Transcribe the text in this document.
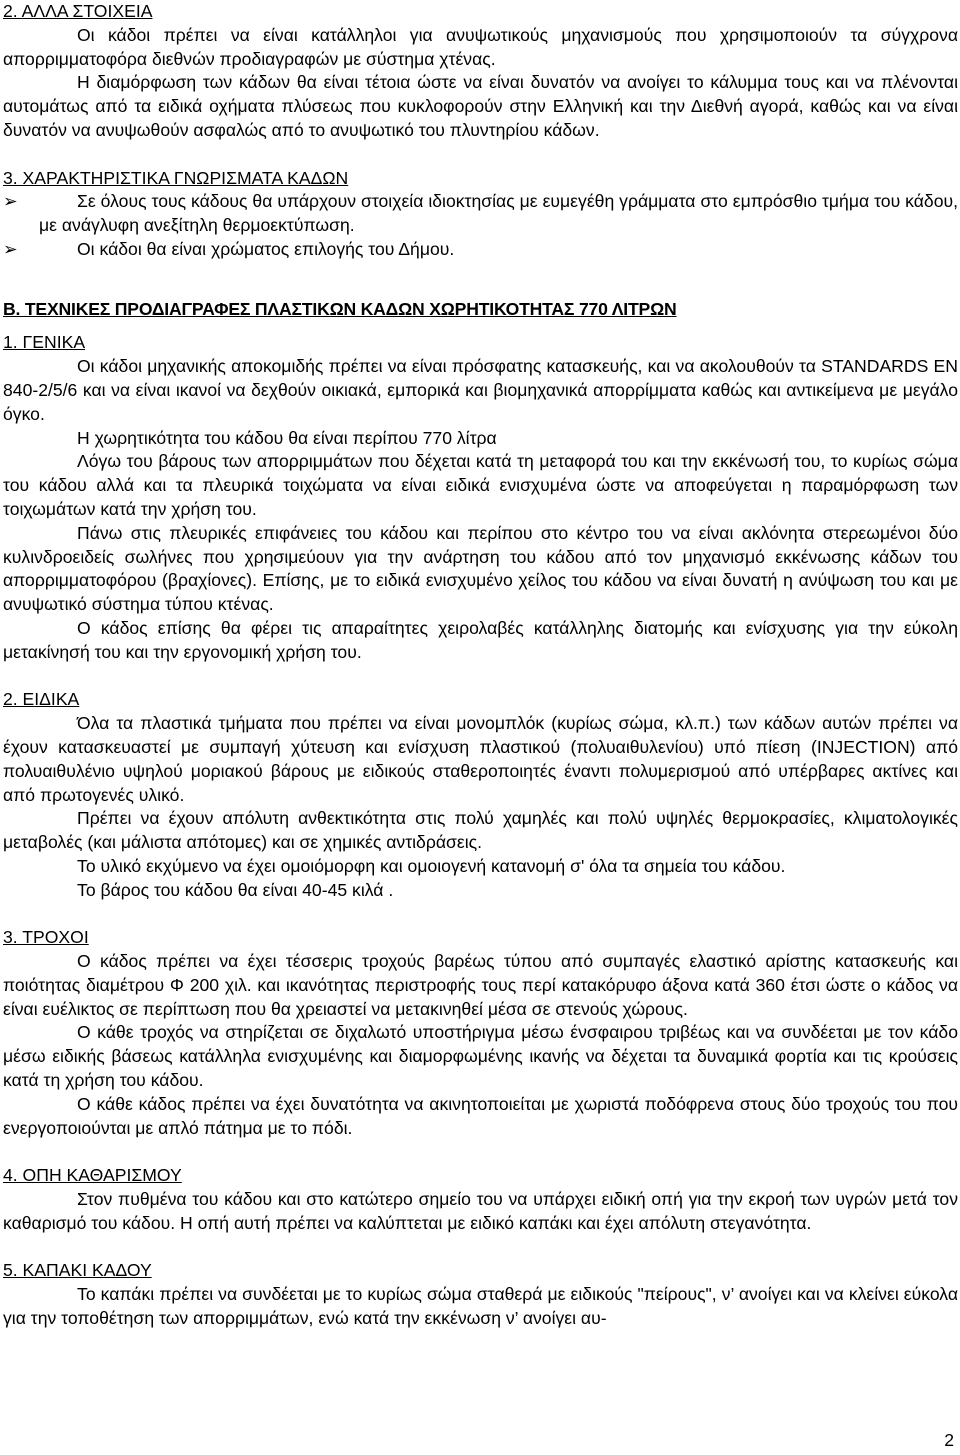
2. ΑΛΛΑ ΣΤΟΙΧΕΙΑ

Οι κάδοι πρέπει να είναι κατάλληλοι για ανυψωτικούς μηχανισμούς που χρησιμοποιούν τα σύγχρονα απορριμματοφόρα διεθνών προδιαγραφών με σύστημα χτένας.

Η διαμόρφωση των κάδων θα είναι τέτοια ώστε να είναι δυνατόν να ανοίγει το κάλυμμα τους και να πλένονται αυτομάτως από τα ειδικά οχήματα πλύσεως που κυκλοφορούν στην Ελληνική και την Διεθνή αγορά, καθώς και να είναι δυνατόν να ανυψωθούν ασφαλώς από το ανυψωτικό του πλυντηρίου κάδων.

3. ΧΑΡΑΚΤΗΡΙΣΤΙΚΑ ΓΝΩΡΙΣΜΑΤΑ ΚΑΔΩΝ
➢	Σε όλους τους κάδους θα υπάρχουν στοιχεία ιδιοκτησίας με ευμεγέθη γράμματα στο εμπρόσθιο τμήμα του κάδου, με ανάγλυφη ανεξίτηλη θερμοεκτύπωση.
➢	Οι κάδοι θα είναι χρώματος επιλογής του Δήμου.
Β. ΤΕΧΝΙΚΕΣ ΠΡΟΔΙΑΓΡΑΦΕΣ ΠΛΑΣΤΙΚΩΝ ΚΑΔΩΝ ΧΩΡΗΤΙΚΟΤΗΤΑΣ 770 ΛΙΤΡΩΝ
1. ΓΕΝΙΚΑ

Οι κάδοι μηχανικής αποκομιδής πρέπει να είναι πρόσφατης κατασκευής, και να ακολουθούν τα STANDARDS EN 840-2/5/6 και να είναι ικανοί να δεχθούν οικιακά, εμπορικά και βιομηχανικά απορρίμματα καθώς και αντικείμενα με μεγάλο όγκο.

Η χωρητικότητα του κάδου θα είναι περίπου 770 λίτρα

Λόγω του βάρους των απορριμμάτων που δέχεται κατά τη μεταφορά του και την εκκένωσή του, το κυρίως σώμα του κάδου αλλά και τα πλευρικά τοιχώματα να είναι ειδικά ενισχυμένα ώστε να αποφεύγεται η παραμόρφωση των τοιχωμάτων κατά την χρήση του.

Πάνω στις πλευρικές επιφάνειες του κάδου και περίπου στο κέντρο του να είναι ακλόνητα στερεωμένοι δύο κυλινδροειδείς σωλήνες που χρησιμεύουν για την ανάρτηση του κάδου από τον μηχανισμό εκκένωσης κάδων του απορριμματοφόρου (βραχίονες). Επίσης, με το ειδικά ενισχυμένο χείλος του κάδου να είναι δυνατή η ανύψωση του και με ανυψωτικό σύστημα τύπου κτένας.

Ο κάδος επίσης θα φέρει τις απαραίτητες χειρολαβές κατάλληλης διατομής και ενίσχυσης για την εύκολη μετακίνησή του και την εργονομική χρήση του.

2. ΕΙΔΙΚΑ

Όλα τα πλαστικά τμήματα που πρέπει να είναι μονομπλόκ (κυρίως σώμα, κλ.π.) των κάδων αυτών πρέπει να έχουν κατασκευαστεί με συμπαγή χύτευση και ενίσχυση πλαστικού (πολυαιθυλενίου) υπό πίεση (INJECTION) από πολυαιθυλένιο υψηλού μοριακού βάρους με ειδικούς σταθεροποιητές έναντι πολυμερισμού από υπέρβαρες ακτίνες και από πρωτογενές υλικό.

Πρέπει να έχουν απόλυτη ανθεκτικότητα στις πολύ χαμηλές και πολύ υψηλές θερμοκρασίες, κλιματολογικές μεταβολές (και μάλιστα απότομες) και σε χημικές αντιδράσεις.

Το υλικό εκχύμενο να έχει ομοιόμορφη και ομοιογενή κατανομή σ' όλα τα σημεία του κάδου.

Το βάρος του κάδου θα είναι 40-45 κιλά .

3. ΤΡΟΧΟΙ

Ο κάδος πρέπει να έχει τέσσερις τροχούς βαρέως τύπου από συμπαγές ελαστικό αρίστης κατασκευής και ποιότητας διαμέτρου Φ 200 χιλ. και ικανότητας περιστροφής τους περί κατακόρυφο άξονα κατά 360 έτσι ώστε ο κάδος να είναι ευέλικτος σε περίπτωση που θα χρειαστεί να μετακινηθεί μέσα σε στενούς χώρους.

Ο κάθε τροχός να στηρίζεται σε διχαλωτό υποστήριγμα μέσω ένσφαιρου τριβέως και να συνδέεται με τον κάδο μέσω ειδικής βάσεως κατάλληλα ενισχυμένης και διαμορφωμένης ικανής να δέχεται τα δυναμικά φορτία και τις κρούσεις κατά τη χρήση του κάδου.

Ο κάθε κάδος πρέπει να έχει δυνατότητα να ακινητοποιείται με χωριστά ποδόφρενα στους δύο τροχούς του που ενεργοποιούνται με απλό πάτημα με το πόδι.

4. ΟΠΗ ΚΑΘΑΡΙΣΜΟΥ

Στον πυθμένα του κάδου και στο κατώτερο σημείο του να υπάρχει ειδική οπή για την εκροή των υγρών μετά τον καθαρισμό του κάδου. Η οπή αυτή πρέπει να καλύπτεται με ειδικό καπάκι και έχει απόλυτη στεγανότητα.

5. ΚΑΠΑΚΙ ΚΑΔΟΥ

Το καπάκι πρέπει να συνδέεται με το κυρίως σώμα σταθερά με ειδικούς "πείρους", ν’ ανοίγει και να κλείνει εύκολα για την τοποθέτηση των απορριμμάτων, ενώ κατά την εκκένωση ν’ ανοίγει αυ-

2
